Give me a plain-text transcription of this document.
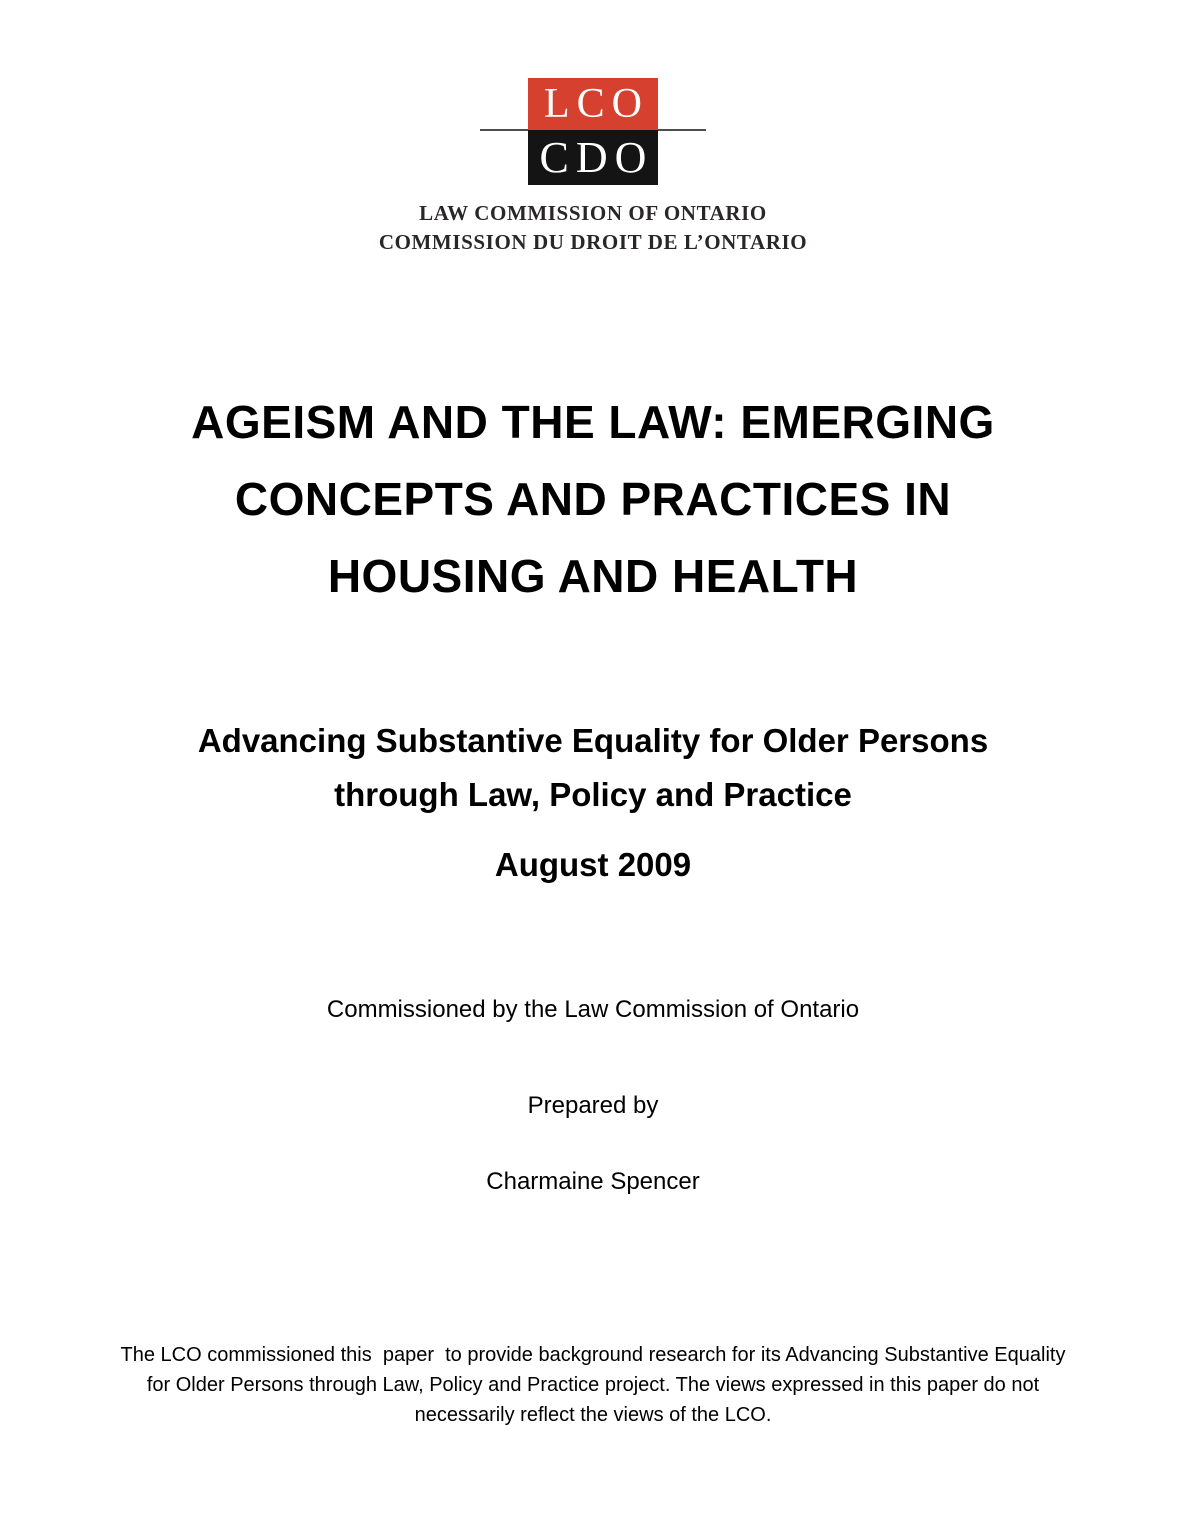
LCO
CDO
LAW COMMISSION OF ONTARIO
COMMISSION DU DROIT DE L’ONTARIO
AGEISM AND THE LAW: EMERGING
CONCEPTS AND PRACTICES IN
HOUSING AND HEALTH
Advancing Substantive Equality for Older Persons
through Law, Policy and Practice
August 2009
Commissioned by the Law Commission of Ontario
Prepared by
Charmaine Spencer

The LCO commissioned this  paper  to provide background research for its Advancing Substantive Equality for Older Persons through Law, Policy and Practice project. The views expressed in this paper do not necessarily reflect the views of the LCO.
